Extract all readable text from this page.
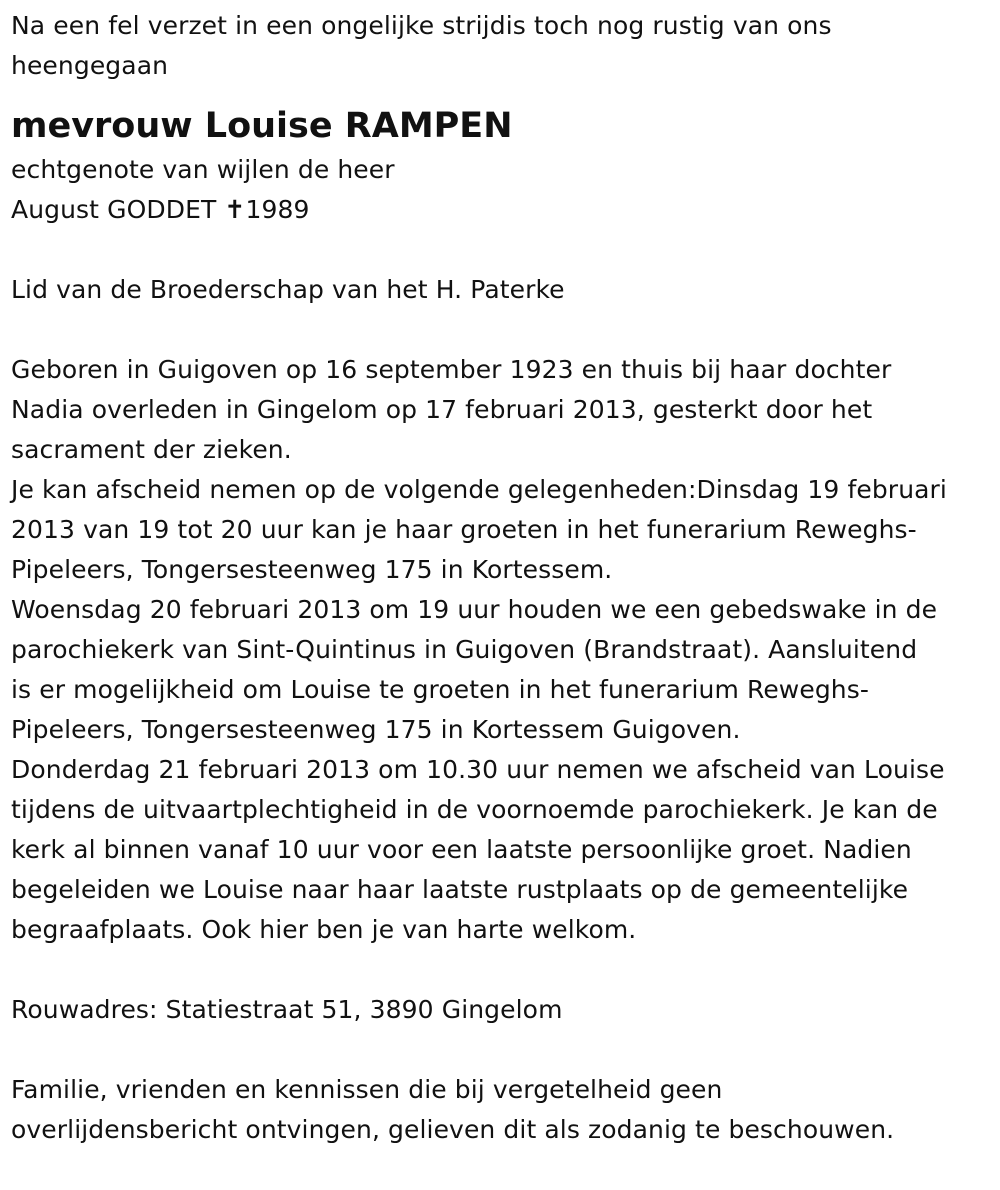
Na een fel verzet in een ongelijke strijdis toch nog rustig van ons
heengegaan
mevrouw Louise RAMPEN
echtgenote van wijlen de heer
August GODDET ✝1989
Lid van de Broederschap van het H. Paterke
Geboren in Guigoven op 16 september 1923 en thuis bij haar dochter
Nadia overleden in Gingelom op 17 februari 2013, gesterkt door het
sacrament der zieken.
Je kan afscheid nemen op de volgende gelegenheden:Dinsdag 19 februari
2013 van 19 tot 20 uur kan je haar groeten in het funerarium Reweghs-
Pipeleers, Tongersesteenweg 175 in Kortessem.
Woensdag 20 februari 2013 om 19 uur houden we een gebedswake in de
parochiekerk van Sint-Quintinus in Guigoven (Brandstraat). Aansluitend
is er mogelijkheid om Louise te groeten in het funerarium Reweghs-
Pipeleers, Tongersesteenweg 175 in Kortessem Guigoven.
Donderdag 21 februari 2013 om 10.30 uur nemen we afscheid van Louise
tijdens de uitvaartplechtigheid in de voornoemde parochiekerk. Je kan de
kerk al binnen vanaf 10 uur voor een laatste persoonlijke groet. Nadien
begeleiden we Louise naar haar laatste rustplaats op de gemeentelijke
begraafplaats. Ook hier ben je van harte welkom.
Rouwadres: Statiestraat 51, 3890 Gingelom
Familie, vrienden en kennissen die bij vergetelheid geen
overlijdensbericht ontvingen, gelieven dit als zodanig te beschouwen.
